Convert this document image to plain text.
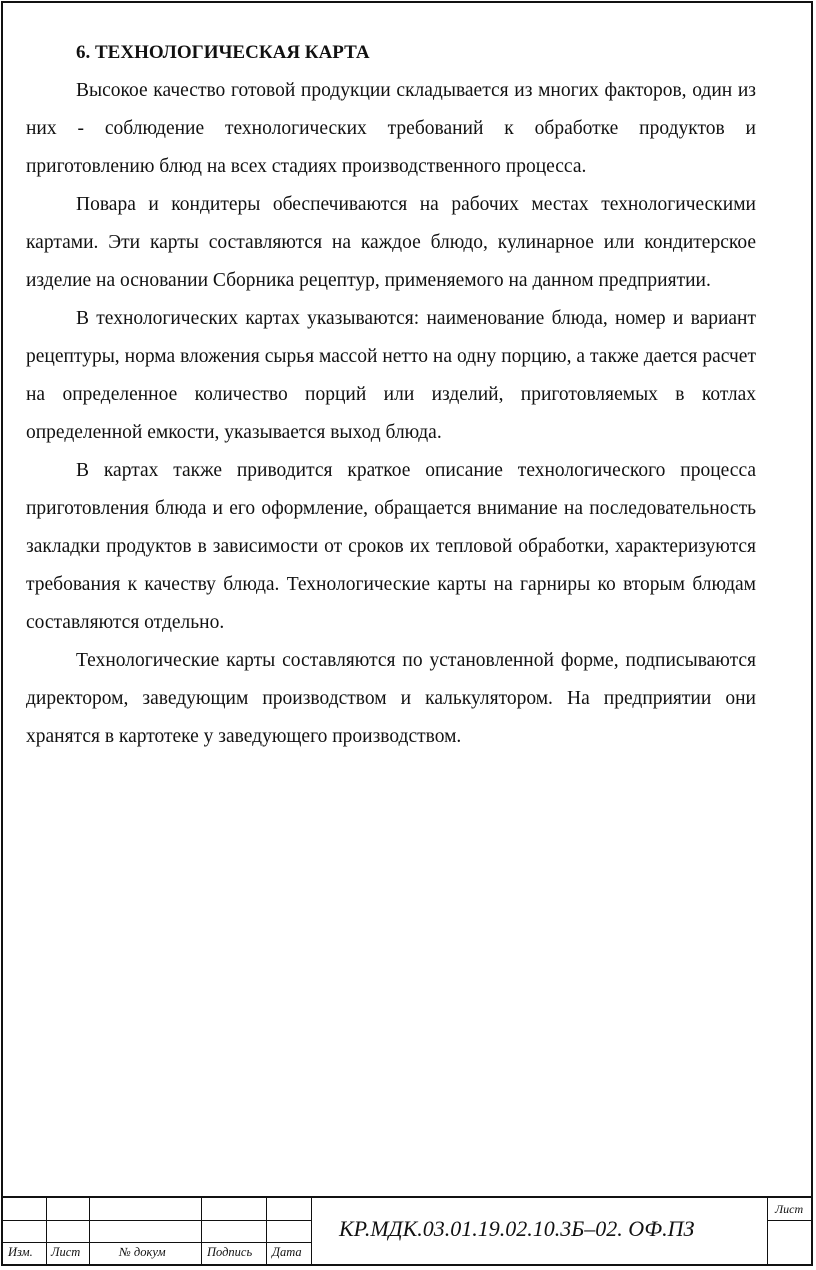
6. ТЕХНОЛОГИЧЕСКАЯ КАРТА

Высокое качество готовой продукции складывается из многих факторов, один из них - соблюдение технологических требований к обработке продуктов и приготовлению блюд на всех стадиях производственного процесса.

Повара и кондитеры обеспечиваются на рабочих местах технологическими картами. Эти карты составляются на каждое блюдо, кулинарное или кондитерское изделие на основании Сборника рецептур, применяемого на данном предприятии.

В технологических картах указываются: наименование блюда, номер и вариант рецептуры, норма вложения сырья массой нетто на одну порцию, а также дается расчет на определенное количество порций или изделий, приготовляемых в котлах определенной емкости, указывается выход блюда.

В картах также приводится краткое описание технологического процесса приготовления блюда и его оформление, обращается внимание на последовательность закладки продуктов в зависимости от сроков их тепловой обработки, характеризуются требования к качеству блюда. Технологические карты на гарниры ко вторым блюдам составляются отдельно.

Технологические карты составляются по установленной форме, подписываются директором, заведующим производством и калькулятором. На предприятии они хранятся в картотеке у заведующего производством.

Изм. Лист	№ докум	Подпись Дата
Лист
КР.МДК.03.01.19.02.10.3Б–02. ОФ.ПЗ
